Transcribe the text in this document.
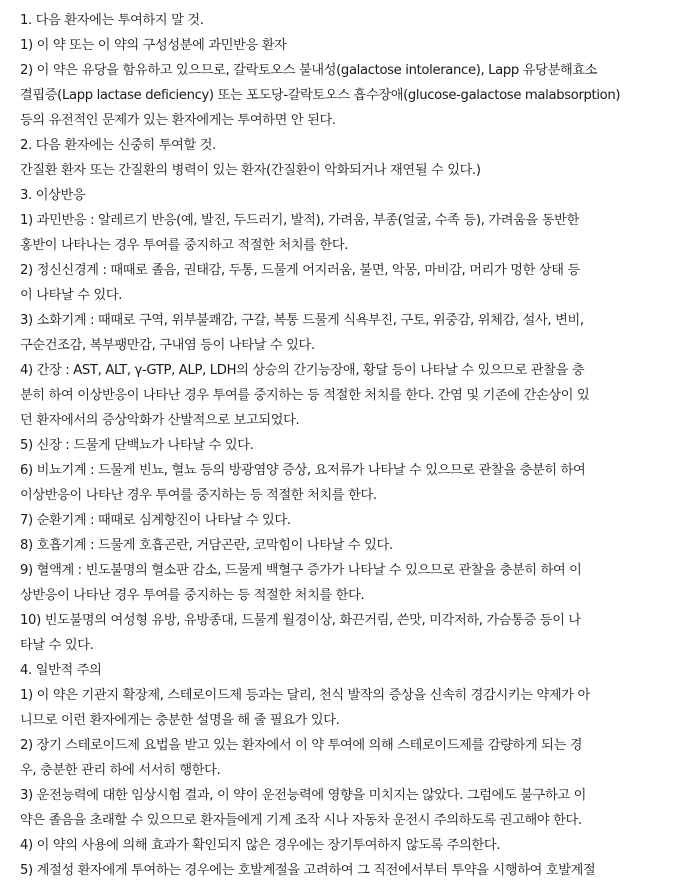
1. 다음 환자에는 투여하지 말 것.
1) 이 약 또는 이 약의 구성성분에 과민반응 환자
2) 이 약은 유당을 함유하고 있으므로, 갈락토오스 불내성(galactose intolerance), Lapp 유당분해효소
결핍증(Lapp lactase deficiency) 또는 포도당-갈락토오스 흡수장애(glucose-galactose malabsorption)
등의 유전적인 문제가 있는 환자에게는 투여하면 안 된다.
2. 다음 환자에는 신중히 투여할 것.
간질환 환자 또는 간질환의 병력이 있는 환자(간질환이 악화되거나 재연될 수 있다.)
3. 이상반응
1) 과민반응 : 알레르기 반응(예, 발진, 두드러기, 발적), 가려움, 부종(얼굴, 수족 등), 가려움을 동반한
홍반이 나타나는 경우 투여를 중지하고 적절한 처치를 한다.
2) 정신신경계 : 때때로 졸음, 권태감, 두통, 드물게 어지러움, 불면, 악몽, 마비감, 머리가 멍한 상태 등
이 나타날 수 있다.
3) 소화기계 : 때때로 구역, 위부불쾌감, 구갈, 복통 드물게 식욕부진, 구토, 위중감, 위체감, 설사, 변비,
구순건조감, 복부팽만감, 구내염 등이 나타날 수 있다.
4) 간장 : AST, ALT, γ-GTP, ALP, LDH의 상승의 간기능장애, 황달 등이 나타날 수 있으므로 관찰을 충
분히 하여 이상반응이 나타난 경우 투여를 중지하는 등 적절한 처치를 한다. 간염 및 기존에 간손상이 있
던 환자에서의 증상악화가 산발적으로 보고되었다.
5) 신장 : 드물게 단백뇨가 나타날 수 있다.
6) 비뇨기계 : 드물게 빈뇨, 혈뇨 등의 방광염양 증상, 요저류가 나타날 수 있으므로 관찰을 충분히 하여
이상반응이 나타난 경우 투여를 중지하는 등 적절한 처치를 한다.
7) 순환기계 : 때때로 심계항진이 나타날 수 있다.
8) 호흡기계 : 드물게 호흡곤란, 거담곤란, 코막힘이 나타날 수 있다.
9) 혈액계 : 빈도불명의 혈소판 감소, 드물게 백혈구 증가가 나타날 수 있으므로 관찰을 충분히 하여 이
상반응이 나타난 경우 투여를 중지하는 등 적절한 처치를 한다.
10) 빈도불명의 여성형 유방, 유방종대, 드물게 월경이상, 화끈거림, 쓴맛, 미각저하, 가슴통증 등이 나
타날 수 있다.
4. 일반적 주의
1) 이 약은 기관지 확장제, 스테로이드제 등과는 달리, 천식 발작의 증상을 신속히 경감시키는 약제가 아
니므로 이런 환자에게는 충분한 설명을 해 줄 필요가 있다.
2) 장기 스테로이드제 요법을 받고 있는 환자에서 이 약 투여에 의해 스테로이드제를 감량하게 되는 경
우, 충분한 관리 하에 서서히 행한다.
3) 운전능력에 대한 임상시험 결과, 이 약이 운전능력에 영향을 미치지는 않았다. 그럼에도 불구하고 이
약은 졸음을 초래할 수 있으므로 환자들에게 기계 조작 시나 자동차 운전시 주의하도록 권고해야 한다.
4) 이 약의 사용에 의해 효과가 확인되지 않은 경우에는 장기투여하지 않도록 주의한다.
5) 계절성 환자에게 투여하는 경우에는 호발계절을 고려하여 그 직전에서부터 투약을 시행하여 호발계절
